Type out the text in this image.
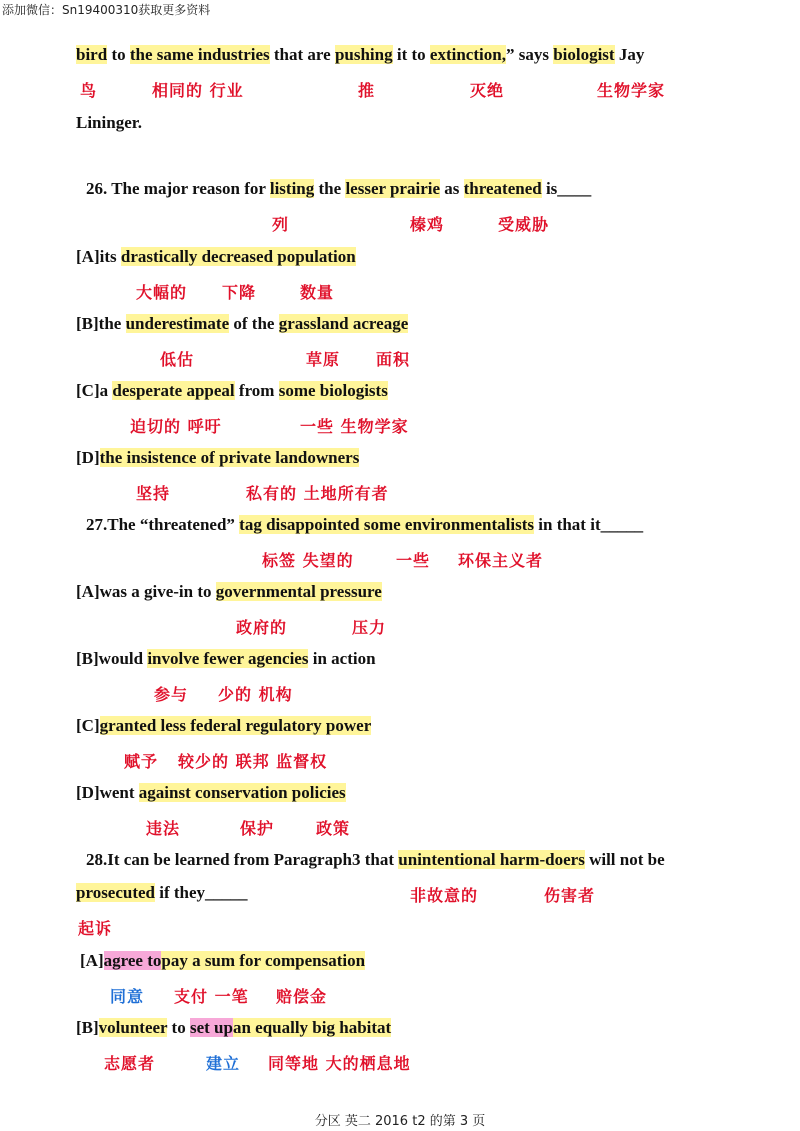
添加微信：Sn19400310获取更多资料
bird to the same industries that are pushing it to extinction,” says biologist Jay
鸟	相同的 行业	推	灭绝	生物学家
Lininger.
26. The major reason for listing the lesser prairie as threatened is____
列	榛鸡	受威胁
[A]its drastically decreased population
大幅的 下降	数量
[B]the underestimate of the grassland acreage
低估	草原 面积
[C]a desperate appeal from some biologists
迫切的 呼吁	一些 生物学家
[D]the insistence of private landowners
坚持	私有的 土地所有者
27.The “threatened” tag disappointed some environmentalists in that it_____
标签 失望的	一些 环保主义者
[A]was a give-in to governmental pressure
政府的	压力
[B]would involve fewer agencies in action
参与 少的 机构
[C]granted less federal regulatory power
赋予 较少的 联邦 监督权
[D]went against conservation policies
违法	保护	政策
28.It can be learned from Paragraph3 that unintentional harm-doers will not be
prosecuted if they_____	非故意的	伤害者
起诉
[A]agree topay a sum for compensation
同意 支付 一笔 赔偿金
[B]volunteer to set upan equally big habitat
志愿者	建立 同等地 大的栖息地
分区 英二 2016 t2 的第 3 页
